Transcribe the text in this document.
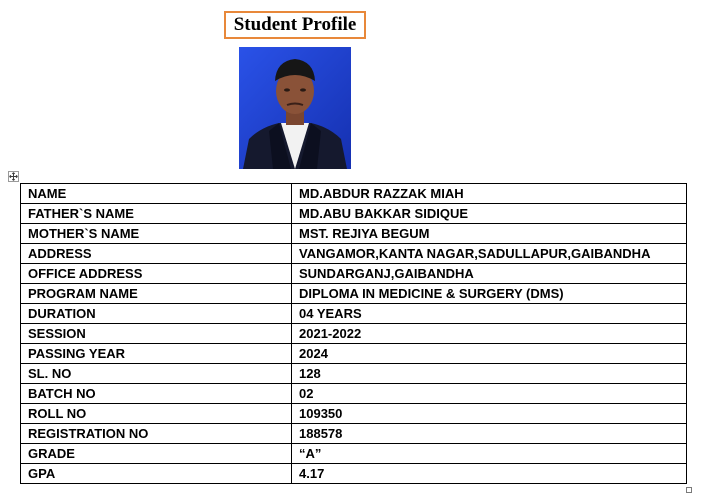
Student Profile
NAME	MD.ABDUR RAZZAK MIAH
FATHER`S NAME	MD.ABU BAKKAR SIDIQUE
MOTHER`S NAME	MST. REJIYA BEGUM
ADDRESS	VANGAMOR,KANTA NAGAR,SADULLAPUR,GAIBANDHA
OFFICE ADDRESS	SUNDARGANJ,GAIBANDHA
PROGRAM NAME	DIPLOMA IN MEDICINE & SURGERY (DMS)
DURATION	04 YEARS
SESSION	2021-2022
PASSING YEAR	2024
SL. NO	128
BATCH NO	02
ROLL NO	109350
REGISTRATION NO	188578
GRADE	“A”
GPA	4.17
